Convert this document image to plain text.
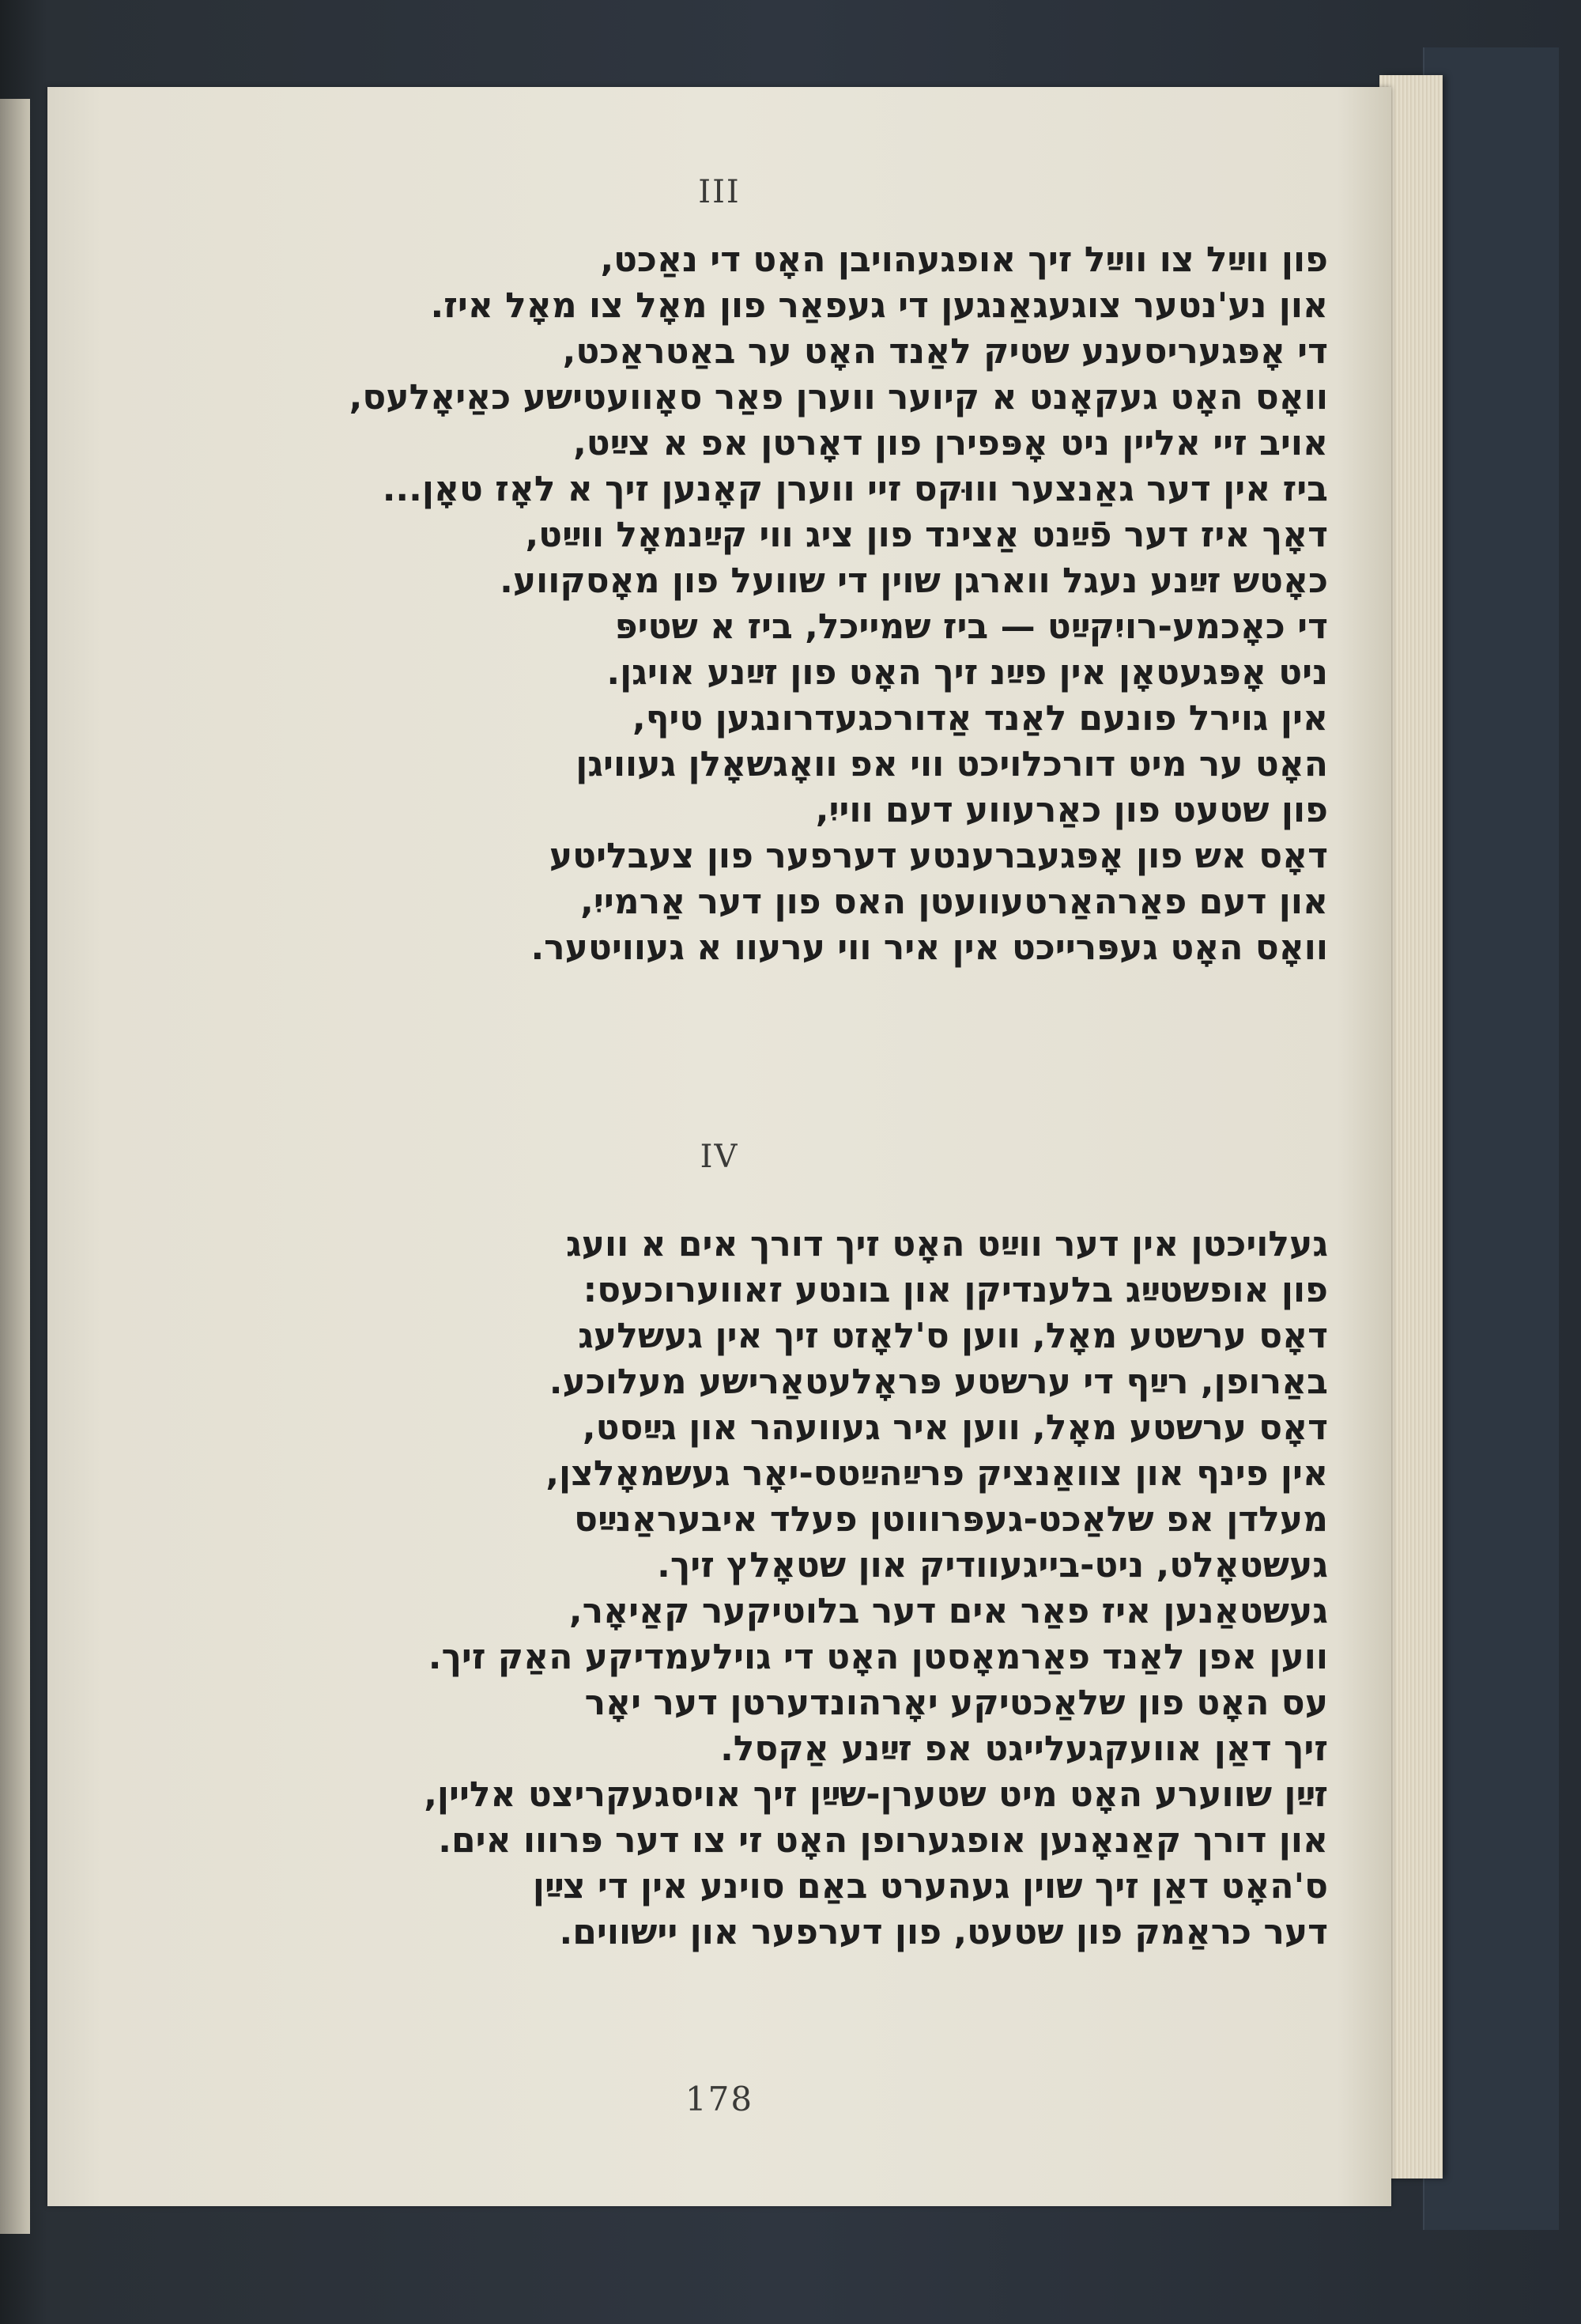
III
פון ווײַל צו ווײַל זיך אופגעהויבן האָט די נאַכט,
און נע'נטער צוגעגאַנגען די געפאַר פון מאָל צו מאָל איז.
די אָפּגעריסענע שטיק לאַנד האָט ער באַטראַכט,
וואָס האָט געקאָנט א קיוער ווערן פאַר סאָוועטישע כאַיאָלעס,
אויב זיי אליין ניט אָפּפירן פון דאָרטן אפ א צײַט,
ביז אין דער גאַנצער וווּקס זיי ווערן קאָנען זיך א לאָז טאָן...
דאָך איז דער פֿײַנט אַצינד פון ציג ווי קײַנמאָל ווײַט,
כאָטש זײַנע נעגל ווארגן שוין די שוועל פון מאָסקווע.
די כאָכמע-רויִקײַט — ביז שמייכל, ביז א שטיפּ
ניט אָפּגעטאָן אין פײַנ זיך האָט פון זײַנע אויגן.
אין גוירל פונעם לאַנד אַדורכגעדרונגען טיף,
האָט ער מיט דורכלויכט ווי אפ וואָגשאָלן געוויגן
פון שטעט פון כאַרעווע דעם ווייִ,
דאָס אש פון אָפּגעברענטע דערפער פון צעבליטע
און דעם פאַרהאַרטעוועטן האס פון דער אַרמייִ,
וואָס האָט געפּרייכט אין איר ווי ערעוו א געוויטער.
IV
געלויכטן אין דער ווײַט האָט זיך דורך אים א וועג
פון אופשטײַג בלענדיקן און בונטע זאווערוכעס:
דאָס ערשטע מאָל, ווען ס'לאָזט זיך אין געשלעג
באַרופן, רײַף די ערשטע פּראָלעטאַרישע מעלוכע.
דאָס ערשטע מאָל, ווען איר געוועהר און גײַסט,
אין פינף און צוואַנציק פרײַהײַטס-יאָר געשמאָלצן,
מעלדן אפ שלאַכט-געפּרוווטן פעלד איבעראַנײַס
געשטאָלט, ניט-בייגעוודיק און שטאָלץ זיך.
געשטאַנען איז פאַר אים דער בלוטיקער קאַיאָר,
ווען אפן לאַנד פאַרמאָסטן האָט די גוילעמדיקע האַק זיך.
עס האָט פון שלאַכטיקע יאָרהונדערטן דער יאָר
זיך דאַן אוועקגעלייגט אפ זײַנע אַקסל.
זײַן שווערע האָט מיט שטערן-שײַן זיך אויסגעקריצט אליין,
און דורך קאַנאָנען אופגערופן האָט זי צו דער פּרווו אים.
ס'האָט דאַן זיך שוין געהערט באַם סוינע אין די צײַן
דער כראַמק פון שטעט, פון דערפער און יישווים.
178
